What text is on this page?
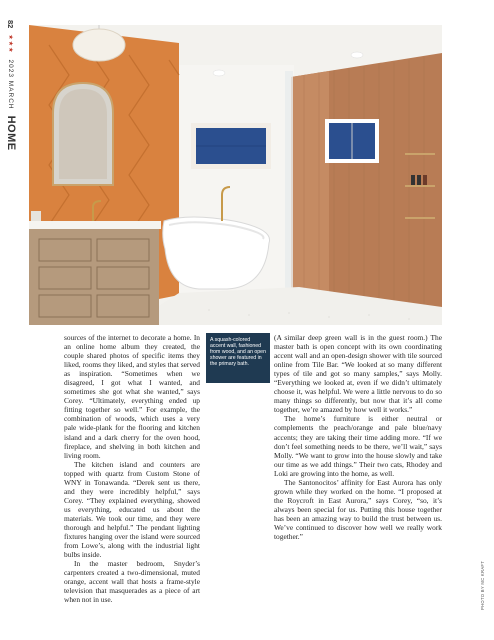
82
★★★
2023 MARCH
HOME
A squash-colored accent wall, fashioned from wood, and an open shower are featured in the primary bath.

sources of the internet to decorate a home. In an online home album they created, the couple shared photos of specific items they liked, rooms they liked, and styles that served as inspiration. “Sometimes when we disagreed, I got what I wanted, and sometimes she got what she wanted,” says Corey. “Ultimately, everything ended up fitting together so well.” For example, the combination of woods, which uses a very pale wide-plank for the flooring and kitchen island and a dark cherry for the oven hood, fireplace, and shelving in both kitchen and living room.

The kitchen island and counters are topped with quartz from Custom Stone of WNY in Tonawanda. “Derek sent us there, and they were incredibly helpful,” says Corey. “They explained everything, showed us everything, educated us about the materials. We took our time, and they were thorough and helpful.” The pendant lighting fixtures hanging over the island were sourced from Lowe’s, along with the industrial light bulbs inside.

In the master bedroom, Snyder’s carpenters created a two-dimensional, muted orange, accent wall that hosts a frame-style television that masquerades as a piece of art when not in use.

(A similar deep green wall is in the guest room.) The master bath is open concept with its own coordinating accent wall and an open-design shower with tile sourced online from Tile Bar. “We looked at so many different types of tile and got so many samples,” says Molly. “Everything we looked at, even if we didn’t ultimately choose it, was helpful. We were a little nervous to do so many things so differently, but now that it’s all come together, we’re amazed by how well it works.”

The home’s furniture is either neutral or complements the peach/orange and pale blue/navy accents; they are taking their time adding more. “If we don’t feel something needs to be there, we’ll wait,” says Molly. “We want to grow into the house slowly and take our time as we add things.” Their two cats, Rhodey and Loki are growing into the home, as well.

The Santonocitos’ affinity for East Aurora has only grown while they worked on the home. “I proposed at the Roycroft in East Aurora,” says Corey, “so, it’s always been special for us. Putting this house together has been an amazing way to build the trust between us. We’ve continued to discover how well we really work together.”

PHOTO BY MC KRAFT
